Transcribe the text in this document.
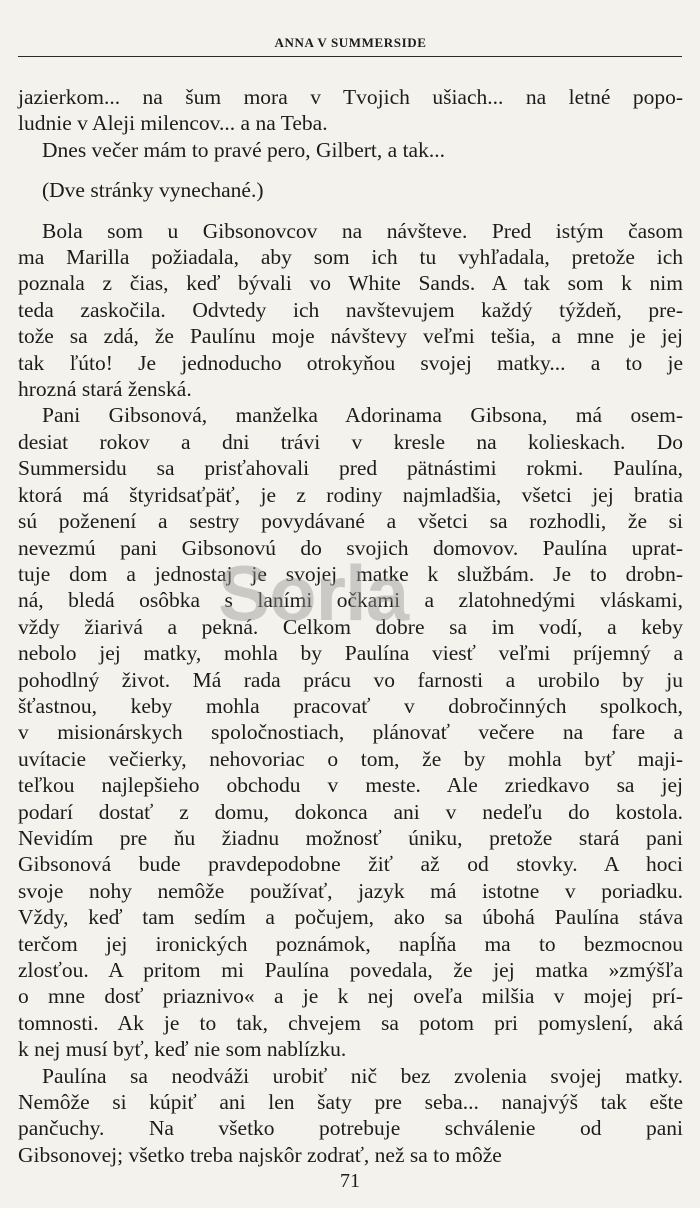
ANNA V SUMMERSIDE

jazierkom... na šum mora v Tvojich ušiach... na letné popo-
ludnie v Aleji milencov... a na Teba.

Dnes večer mám to pravé pero, Gilbert, a tak...

(Dve stránky vynechané.)

Bola som u Gibsonovcov na návšteve. Pred istým časom
ma Marilla požiadala, aby som ich tu vyhľadala, pretože ich
poznala z čias, keď bývali vo White Sands. A tak som k nim
teda zaskočila. Odvtedy ich navštevujem každý týždeň, pre-
tože sa zdá, že Paulínu moje návštevy veľmi tešia, a mne je jej
tak ľúto! Je jednoducho otrokyňou svojej matky... a to je
hrozná stará ženská.

Pani Gibsonová, manželka Adorinama Gibsona, má osem-
desiat rokov a dni trávi v kresle na kolieskach. Do
Summersidu sa prisťahovali pred pätnástimi rokmi. Paulína,
ktorá má štyridsaťpäť, je z rodiny najmladšia, všetci jej bratia
sú poženení a sestry povydávané a všetci sa rozhodli, že si
nevezmú pani Gibsonovú do svojich domovov. Paulína uprat-
tuje dom a jednostaj je svojej matke k službám. Je to drobn-
ná, bledá osôbka s laními očkami a zlatohnedými vláskami,
vždy žiarivá a pekná. Celkom dobre sa im vodí, a keby
nebolo jej matky, mohla by Paulína viesť veľmi príjemný a
pohodlný život. Má rada prácu vo farnosti a urobilo by ju
šťastnou, keby mohla pracovať v dobročinných spolkoch,
v misionárskych spoločnostiach, plánovať večere na fare a
uvítacie večierky, nehovoriac o tom, že by mohla byť maji-
teľkou najlepšieho obchodu v meste. Ale zriedkavo sa jej
podarí dostať z domu, dokonca ani v nedeľu do kostola.
Nevidím pre ňu žiadnu možnosť úniku, pretože stará pani
Gibsonová bude pravdepodobne žiť až od stovky. A hoci
svoje nohy nemôže používať, jazyk má istotne v poriadku.
Vždy, keď tam sedím a počujem, ako sa úbohá Paulína stáva
terčom jej ironických poznámok, napĺňa ma to bezmocnou
zlosťou. A pritom mi Paulína povedala, že jej matka »zmýšľa
o mne dosť priaznivo« a je k nej oveľa milšia v mojej prí-
tomnosti. Ak je to tak, chvejem sa potom pri pomyslení, aká
k nej musí byť, keď nie som nablízku.

Paulína sa neodváži urobiť nič bez zvolenia svojej matky.
Nemôže si kúpiť ani len šaty pre seba... nanajvýš tak ešte
pančuchy. Na všetko potrebuje schválenie od pani
Gibsonovej; všetko treba najskôr zodrať, než sa to môže

Sorla
71
